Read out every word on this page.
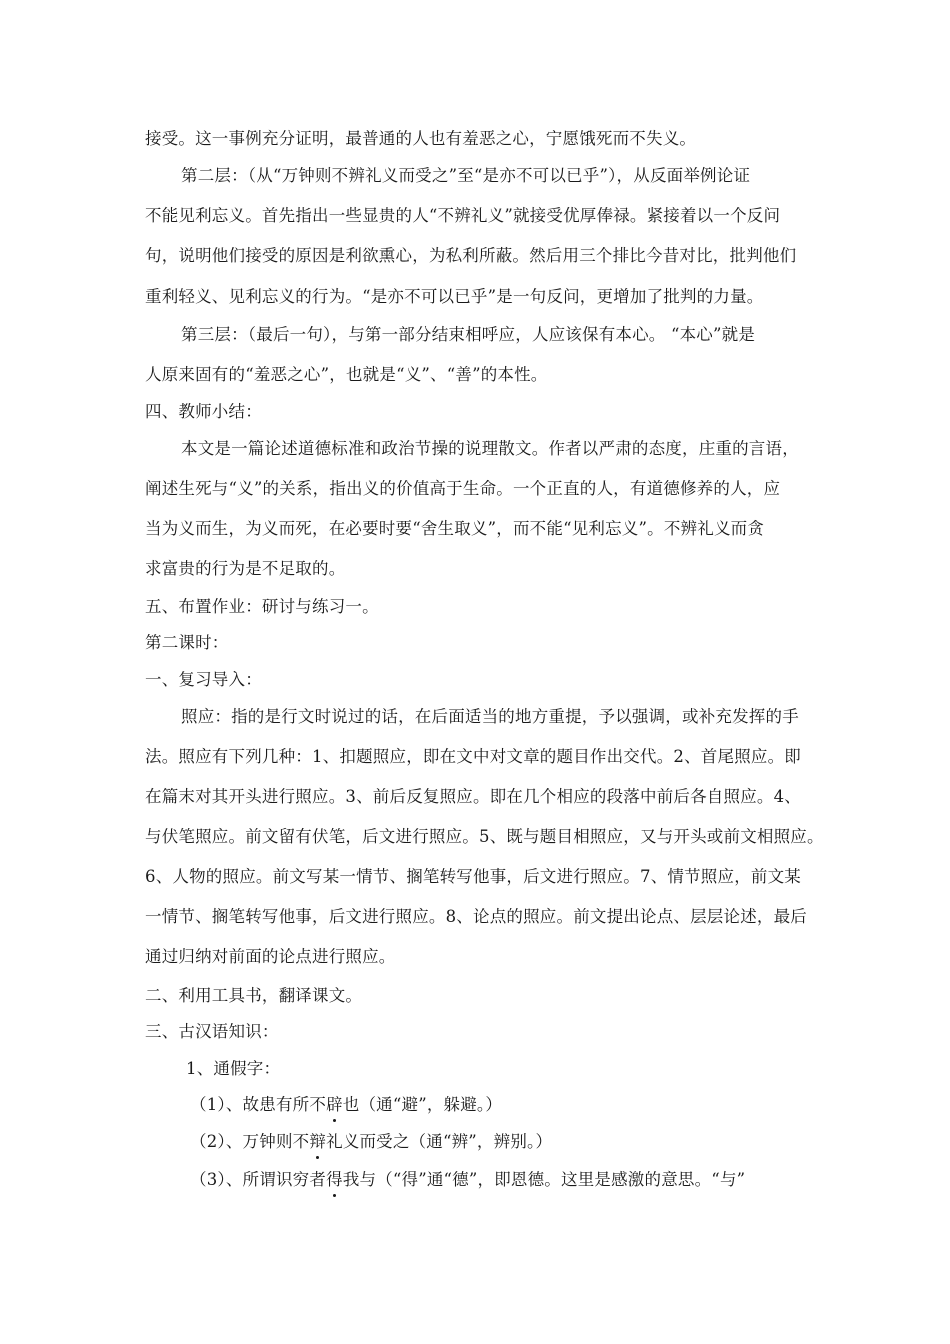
接受。这一事例充分证明，最普通的人也有羞恶之心，宁愿饿死而不失义。
第二层：（从“万钟则不辨礼义而受之”至“是亦不可以已乎”），从反面举例论证
不能见利忘义。首先指出一些显贵的人“不辨礼义”就接受优厚俸禄。紧接着以一个反问
句，说明他们接受的原因是利欲熏心，为私利所蔽。然后用三个排比今昔对比，批判他们
重利轻义、见利忘义的行为。“是亦不可以已乎”是一句反问，更增加了批判的力量。
第三层：（最后一句），与第一部分结束相呼应，人应该保有本心。 “本心”就是
人原来固有的“羞恶之心”，也就是“义”、“善”的本性。
四、教师小结：
本文是一篇论述道德标准和政治节操的说理散文。作者以严肃的态度，庄重的言语，
阐述生死与“义”的关系，指出义的价值高于生命。一个正直的人，有道德修养的人，应
当为义而生，为义而死，在必要时要“舍生取义”，而不能“见利忘义”。不辨礼义而贪
求富贵的行为是不足取的。
五、布置作业：研讨与练习一。
第二课时：
一、复习导入：
照应：指的是行文时说过的话，在后面适当的地方重提，予以强调，或补充发挥的手
法。照应有下列几种：1、扣题照应，即在文中对文章的题目作出交代。2、首尾照应。即
在篇末对其开头进行照应。3、前后反复照应。即在几个相应的段落中前后各自照应。4、
与伏笔照应。前文留有伏笔，后文进行照应。5、既与题目相照应，又与开头或前文相照应。
6、人物的照应。前文写某一情节、搁笔转写他事，后文进行照应。7、情节照应，前文某
一情节、搁笔转写他事，后文进行照应。8、论点的照应。前文提出论点、层层论述，最后
通过归纳对前面的论点进行照应。
二、利用工具书，翻译课文。
三、古汉语知识：
1、通假字：
（1）、故患有所不辟也（通“避”，躲避。）
（2）、万钟则不辩礼义而受之（通“辨”，辨别。）
（3）、所谓识穷者得我与（“得”通“德”，即恩德。这里是感激的意思。“与”
